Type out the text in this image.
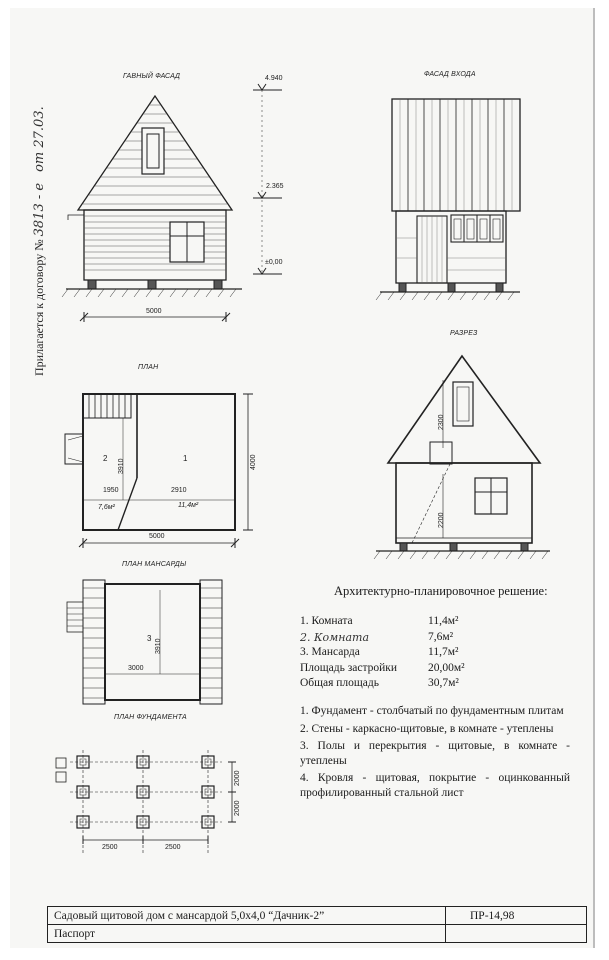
Прилагается к договору № 3813 - е от 27.03.
ГАВНЫЙ ФАСАД	ФАСАД ВХОДА
ПЛАН
РАЗРЕЗ
ПЛАН МАНСАРДЫ
ПЛАН ФУНДАМЕНТА
4.940
2.365
±0,00
5000
5000
4000
3910
1950	2910
3910
3000
2300
2200
2500	2500
2000
2000
2	1
7,6м²	11,4м²
3
Архитектурно-планировочное решение:
1. Комната	11,4м²
2. Комната	7,6м²
3. Мансарда	11,7м²
Площадь застройки	20,00м²
Общая площадь	30,7м²

1. Фундамент - столбчатый по фундаментным плитам

2. Стены - каркасно-щитовые, в комнате - утеплены

3. Полы и перекрытия - щитовые, в комнате - утеплены

4. Кровля - щитовая, покрытие - оцинкованный профилированный стальной лист

Садовый щитовой дом с мансардой 5,0х4,0 “Дачник-2”	ПР-14,98
Паспорт
